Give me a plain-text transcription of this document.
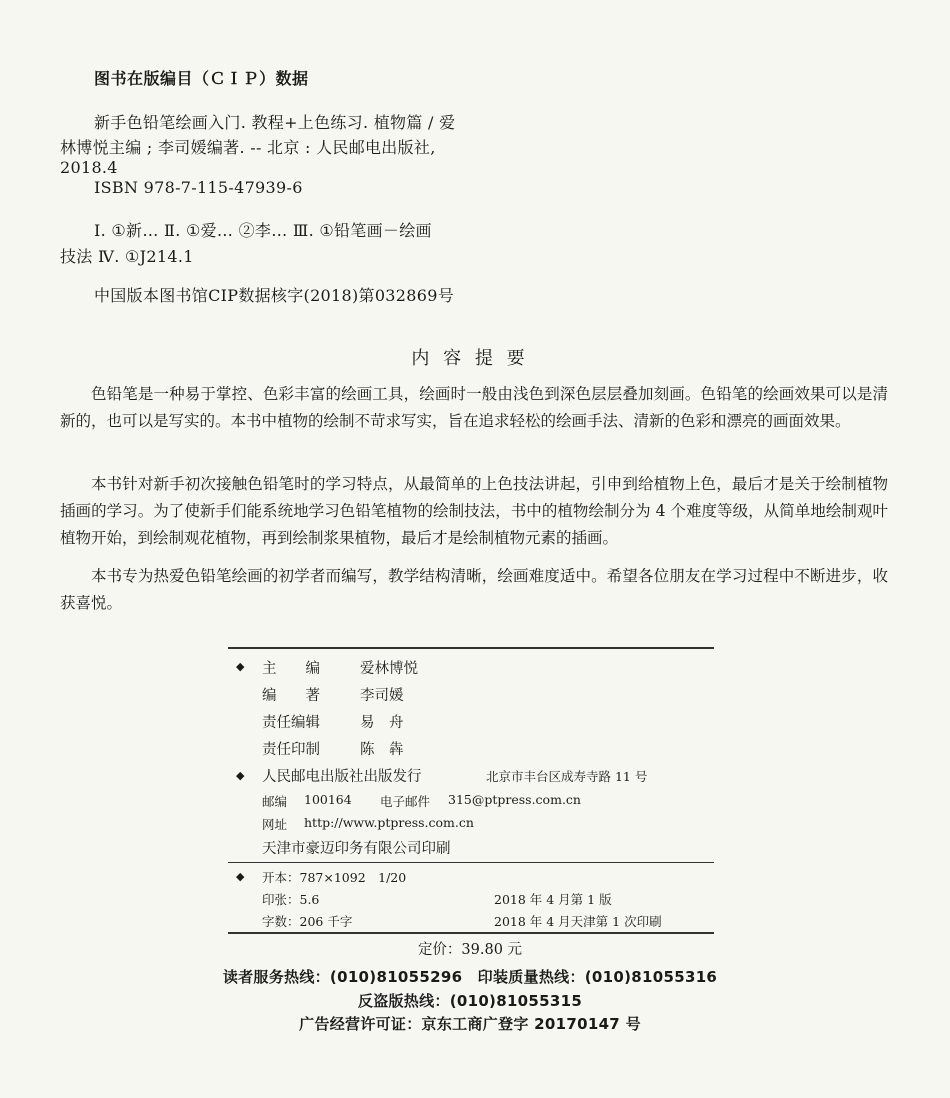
图书在版编目（ＣＩＰ）数据
新手色铅笔绘画入门. 教程+上色练习. 植物篇 / 爱
林博悦主编 ; 李司媛编著. -- 北京 : 人民邮电出版社,
2018.4
ISBN 978-7-115-47939-6
Ⅰ. ①新… Ⅱ. ①爱… ②李… Ⅲ. ①铅笔画－绘画
技法 Ⅳ. ①J214.1
中国版本图书馆CIP数据核字(2018)第032869号
内 容 提 要
色铅笔是一种易于掌控、色彩丰富的绘画工具，绘画时一般由浅色到深色层层叠加刻画。色铅笔的绘画效果可以是清新的，也可以是写实的。本书中植物的绘制不苛求写实，旨在追求轻松的绘画手法、清新的色彩和漂亮的画面效果。
本书针对新手初次接触色铅笔时的学习特点，从最简单的上色技法讲起，引申到给植物上色，最后才是关于绘制植物插画的学习。为了使新手们能系统地学习色铅笔植物的绘制技法，书中的植物绘制分为 4 个难度等级，从简单地绘制观叶植物开始，到绘制观花植物，再到绘制浆果植物，最后才是绘制植物元素的插画。
本书专为热爱色铅笔绘画的初学者而编写，教学结构清晰，绘画难度适中。希望各位朋友在学习过程中不断进步，收获喜悦。
◆ 主　　编	爱林博悦
编　　著	李司媛
责任编辑	易　舟
责任印制	陈　犇
◆ 人民邮电出版社出版发行	北京市丰台区成寿寺路 11 号
邮编 100164 电子邮件 315@ptpress.com.cn
网址 http://www.ptpress.com.cn
天津市豪迈印务有限公司印刷
◆ 开本：787×1092　1/20
印张：5.6	2018 年 4 月第 1 版
字数：206 千字	2018 年 4 月天津第 1 次印刷
定价：39.80 元
读者服务热线：(010)81055296　印装质量热线：(010)81055316
反盗版热线：(010)81055315
广告经营许可证：京东工商广登字 20170147 号
